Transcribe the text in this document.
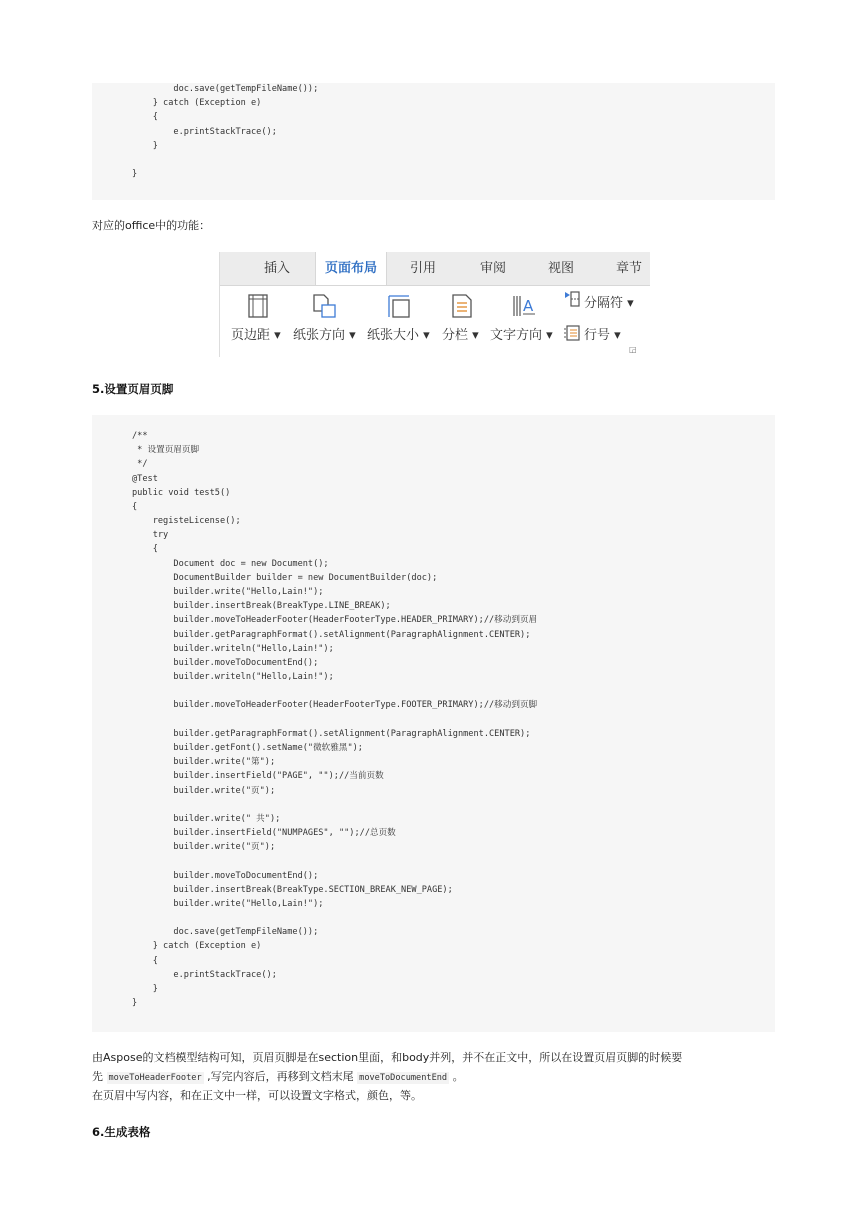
doc.save(getTempFileName());
} catch (Exception e)
{
e.printStackTrace();
}
}
对应的office中的功能：
插入	页面布局	引用	审阅	视图	章节
A
页边距 ▾ 纸张方向 ▾ 纸张大小 ▾ 分栏 ▾ 文字方向 ▾
分隔符 ▾
行号 ▾
◲
5.设置页眉页脚
/**
* 设置页眉页脚
*/
@Test
public void test5()
{
registeLicense();
try
{
Document doc = new Document();
DocumentBuilder builder = new DocumentBuilder(doc);
builder.write("Hello,Lain!");
builder.insertBreak(BreakType.LINE_BREAK);
builder.moveToHeaderFooter(HeaderFooterType.HEADER_PRIMARY);//移动到页眉
builder.getParagraphFormat().setAlignment(ParagraphAlignment.CENTER);
builder.writeln("Hello,Lain!");
builder.moveToDocumentEnd();
builder.writeln("Hello,Lain!");
builder.moveToHeaderFooter(HeaderFooterType.FOOTER_PRIMARY);//移动到页脚
builder.getParagraphFormat().setAlignment(ParagraphAlignment.CENTER);
builder.getFont().setName("微软雅黑");
builder.write("第");
builder.insertField("PAGE", "");//当前页数
builder.write("页");
builder.write(" 共");
builder.insertField("NUMPAGES", "");//总页数
builder.write("页");
builder.moveToDocumentEnd();
builder.insertBreak(BreakType.SECTION_BREAK_NEW_PAGE);
builder.write("Hello,Lain!");
doc.save(getTempFileName());
} catch (Exception e)
{
e.printStackTrace();
}
}
由Aspose的文档模型结构可知，页眉页脚是在section里面，和body并列，并不在正文中，所以在设置页眉页脚的时候要
先 moveToHeaderFooter ,写完内容后，再移到文档末尾 moveToDocumentEnd 。
在页眉中写内容，和在正文中一样，可以设置文字格式，颜色，等。
6.生成表格
